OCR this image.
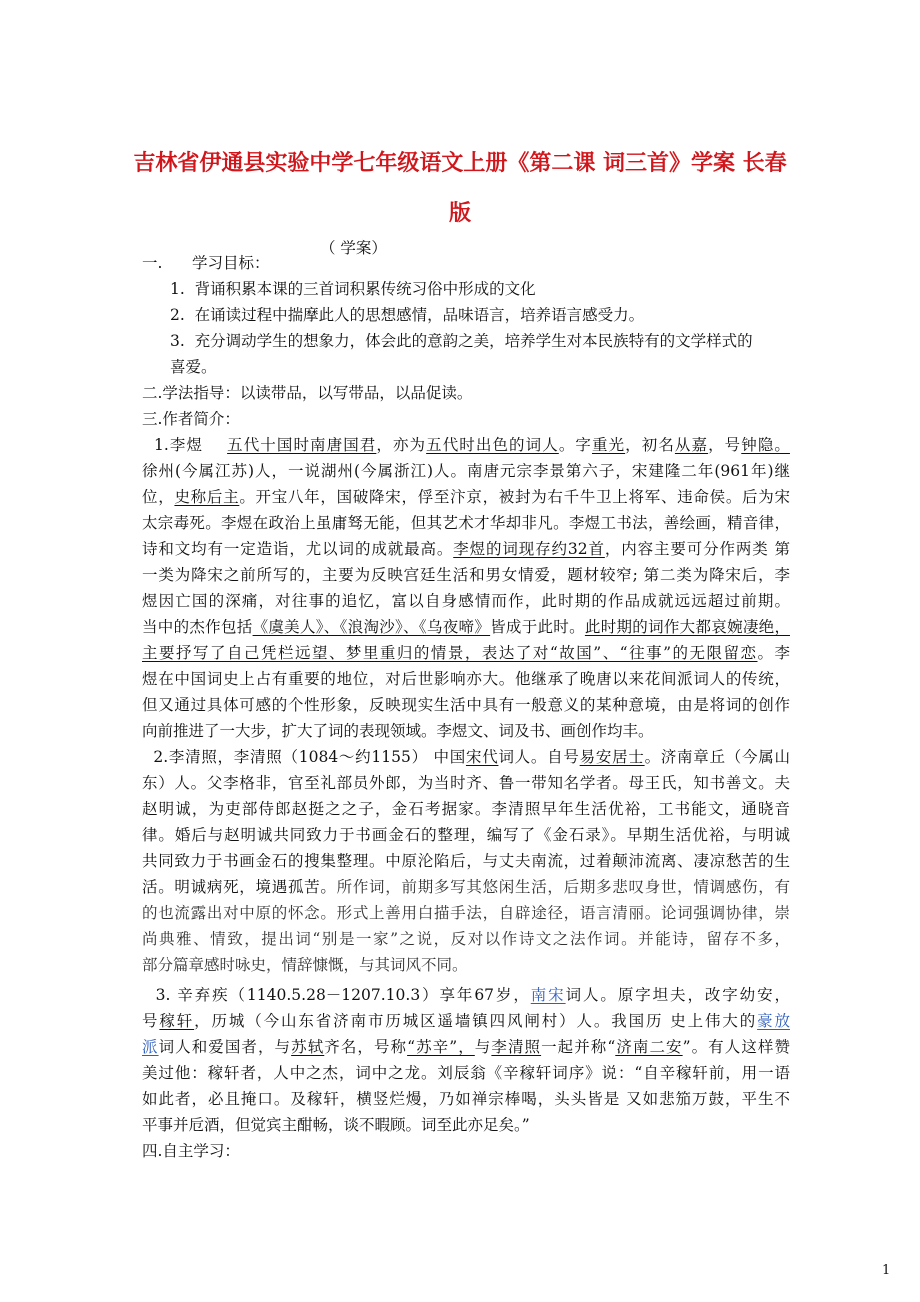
吉林省伊通县实验中学七年级语文上册《第二课 词三首》学案 长春
版
（ 学案）
一.      学习目标：
1.  背诵积累本课的三首词积累传统习俗中形成的文化
2.  在诵读过程中揣摩此人的思想感情，品味语言，培养语言感受力。
3.  充分调动学生的想象力，体会此的意韵之美，培养学生对本民族特有的文学样式的
喜爱。
二.学法指导：以读带品，以写带品，以品促读。
三.作者简介：
1.李煜    五代十国时南唐国君，亦为五代时出色的词人。字重光，初名从嘉，号钟隐。
徐州(今属江苏)人，一说湖州(今属浙江)人。南唐元宗李景第六子，宋建隆二年(961年)继
位，史称后主。开宝八年，国破降宋，俘至汴京，被封为右千牛卫上将军、违命侯。后为宋
太宗毒死。李煜在政治上虽庸驽无能，但其艺术才华却非凡。李煜工书法，善绘画，精音律，
诗和文均有一定造诣，尤以词的成就最高。李煜的词现存约32首，内容主要可分作两类 第
一类为降宋之前所写的，主要为反映宫廷生活和男女情爱，题材较窄; 第二类为降宋后，李
煜因亡国的深痛，对往事的追忆，富以自身感情而作，此时期的作品成就远远超过前期。
当中的杰作包括《虞美人》、《浪淘沙》、《乌夜啼》皆成于此时。此时期的词作大都哀婉凄绝，
主要抒写了自己凭栏远望、梦里重归的情景，表达了对“故国”、“往事”的无限留恋。李
煜在中国词史上占有重要的地位，对后世影响亦大。他继承了晚唐以来花间派词人的传统，
但又通过具体可感的个性形象，反映现实生活中具有一般意义的某种意境，由是将词的创作
向前推进了一大步，扩大了词的表现领域。李煜文、词及书、画创作均丰。
2.李清照，李清照（1084～约1155） 中国宋代词人。自号易安居士。济南章丘（今属山
东）人。父李格非，官至礼部员外郎，为当时齐、鲁一带知名学者。母王氏，知书善文。夫
赵明诚，为吏部侍郎赵挺之之子，金石考据家。李清照早年生活优裕，工书能文，通晓音
律。婚后与赵明诚共同致力于书画金石的整理，编写了《金石录》。早期生活优裕，与明诚
共同致力于书画金石的搜集整理。中原沦陷后，与丈夫南流，过着颠沛流离、凄凉愁苦的生
活。明诚病死，境遇孤苦。所作词，前期多写其悠闲生活，后期多悲叹身世，情调感伤，有
的也流露出对中原的怀念。形式上善用白描手法，自辟途径，语言清丽。论词强调协律，崇
尚典雅、情致，提出词“别是一家”之说，反对以作诗文之法作词。并能诗，留存不多，
部分篇章感时咏史，情辞慷慨，与其词风不同。
3. 辛弃疾（1140.5.28－1207.10.3）享年67岁，南宋词人。原字坦夫，改字幼安，
号稼轩，历城（今山东省济南市历城区遥墙镇四风闸村）人。我国历 史上伟大的豪放
派词人和爱国者，与苏轼齐名，号称“苏辛”，与李清照一起并称“济南二安”。有人这样赞
美过他：稼轩者，人中之杰，词中之龙。刘辰翁《辛稼轩词序》说：“自辛稼轩前，用一语
如此者，必且掩口。及稼轩，横竖烂熳，乃如禅宗棒喝，头头皆是 又如悲笳万鼓，平生不
平事并卮酒，但觉宾主酣畅，谈不暇顾。词至此亦足矣。”
四.自主学习：
1
